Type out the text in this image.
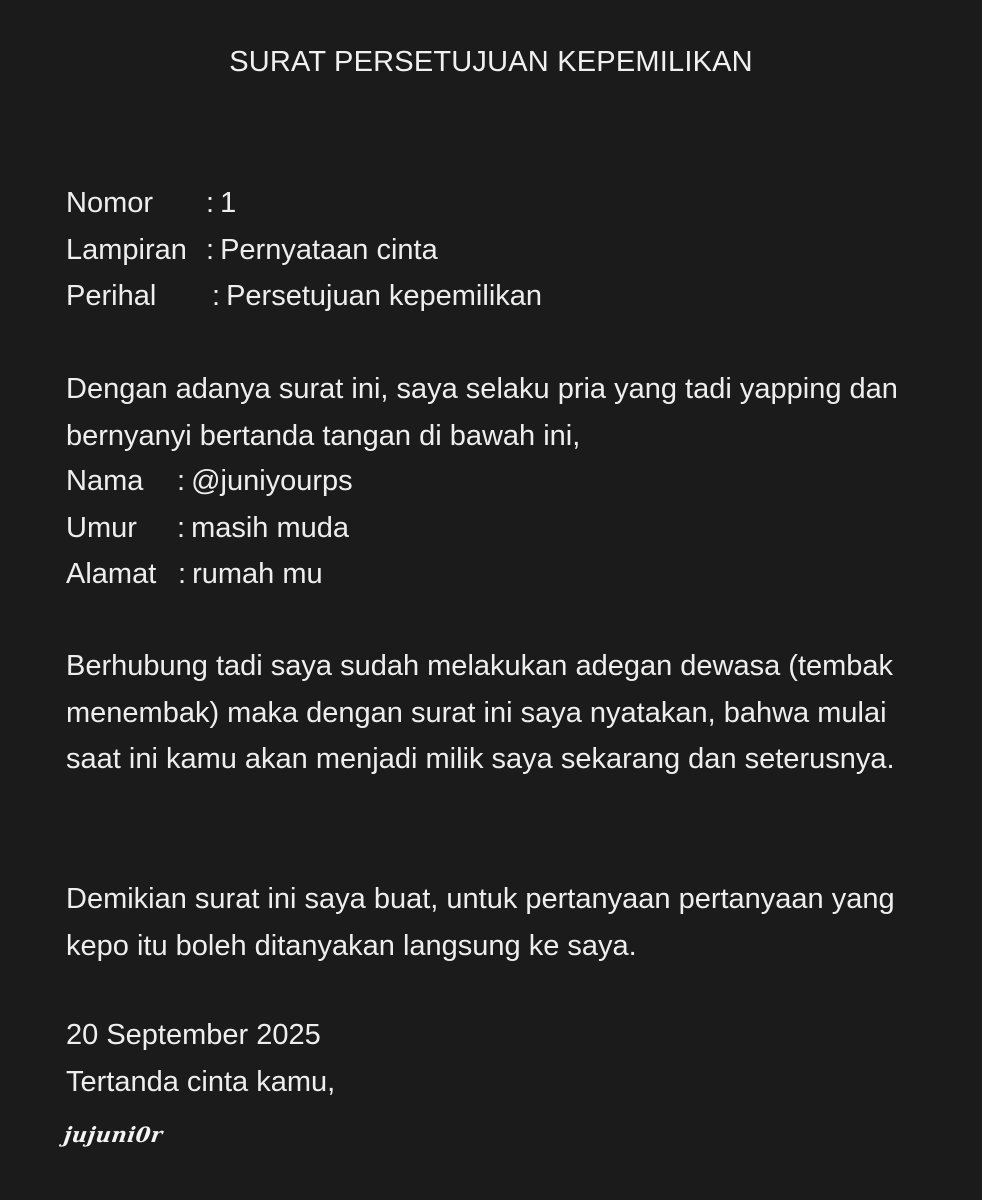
SURAT PERSETUJUAN KEPEMILIKAN
Nomor	: 1
Lampiran : Pernyataan cinta
Perihal	: Persetujuan kepemilikan

Dengan adanya surat ini, saya selaku pria yang tadi yapping dan bernyanyi bertanda tangan di bawah ini,

Nama	: @juniyourps
Umur	: masih muda
Alamat : rumah mu

Berhubung tadi saya sudah melakukan adegan dewasa (tembak menembak) maka dengan surat ini saya nyatakan, bahwa mulai saat ini kamu akan menjadi milik saya sekarang dan seterusnya.

Demikian surat ini saya buat, untuk pertanyaan pertanyaan yang kepo itu boleh ditanyakan langsung ke saya.

20 September 2025

Tertanda cinta kamu,

jujuni0r
